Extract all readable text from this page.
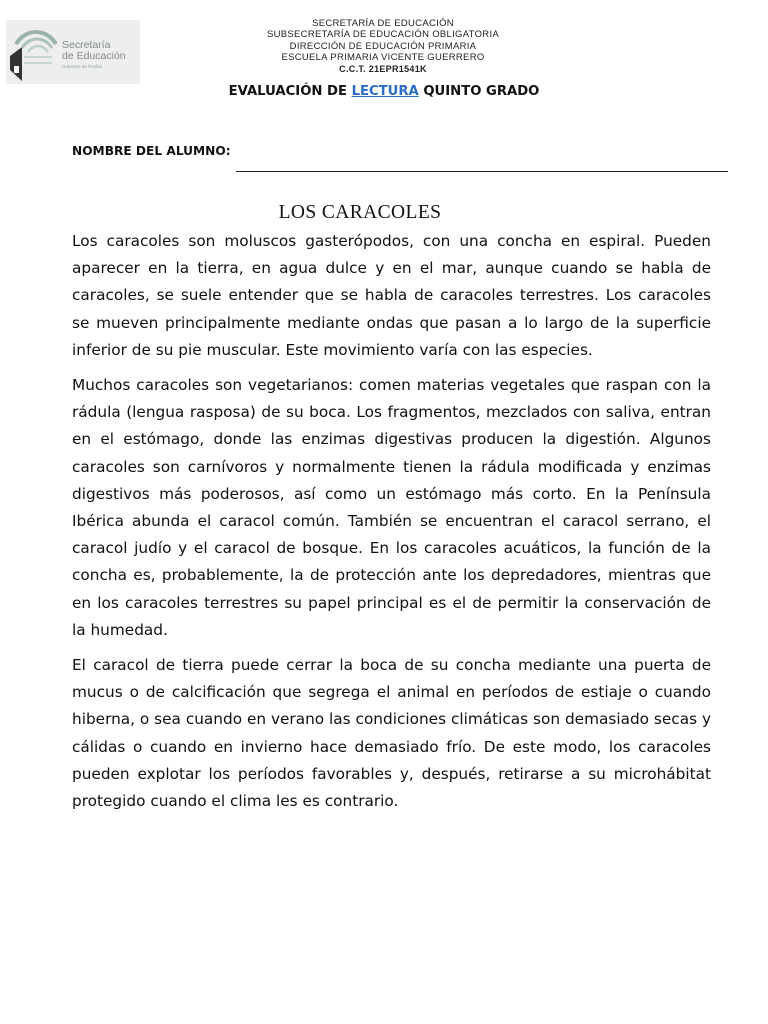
Secretaría
de Educación
Gobierno de Puebla
SECRETARÍA DE EDUCACIÓN
SUBSECRETARÍA DE EDUCACIÓN OBLIGATORIA
DIRECCIÓN DE EDUCACIÓN PRIMARIA
ESCUELA PRIMARIA VICENTE GUERRERO
C.C.T. 21EPR1541K
EVALUACIÓN DE LECTURA QUINTO GRADO
NOMBRE DEL ALUMNO:
LOS CARACOLES

Los caracoles son moluscos gasterópodos, con una concha en espiral. Pueden aparecer en la tierra, en agua dulce y en el mar, aunque cuando se habla de caracoles, se suele entender que se habla de caracoles terrestres. Los caracoles se mueven principalmente mediante ondas que pasan a lo largo de la superficie inferior de su pie muscular. Este movimiento varía con las especies.

Muchos caracoles son vegetarianos: comen materias vegetales que raspan con la rádula (lengua rasposa) de su boca. Los fragmentos, mezclados con saliva, entran en el estómago, donde las enzimas digestivas producen la digestión. Algunos caracoles son carnívoros y normalmente tienen la rádula modificada y enzimas digestivos más poderosos, así como un estómago más corto. En la Península Ibérica abunda el caracol común. También se encuentran el caracol serrano, el caracol judío y el caracol de bosque. En los caracoles acuáticos, la función de la concha es, probablemente, la de protección ante los depredadores, mientras que en los caracoles terrestres su papel principal es el de permitir la conservación de la humedad.

El caracol de tierra puede cerrar la boca de su concha mediante una puerta de mucus o de calcificación que segrega el animal en períodos de estiaje o cuando hiberna, o sea cuando en verano las condiciones climáticas son demasiado secas y cálidas o cuando en invierno hace demasiado frío. De este modo, los caracoles pueden explotar los períodos favorables y, después, retirarse a su microhábitat protegido cuando el clima les es contrario.
